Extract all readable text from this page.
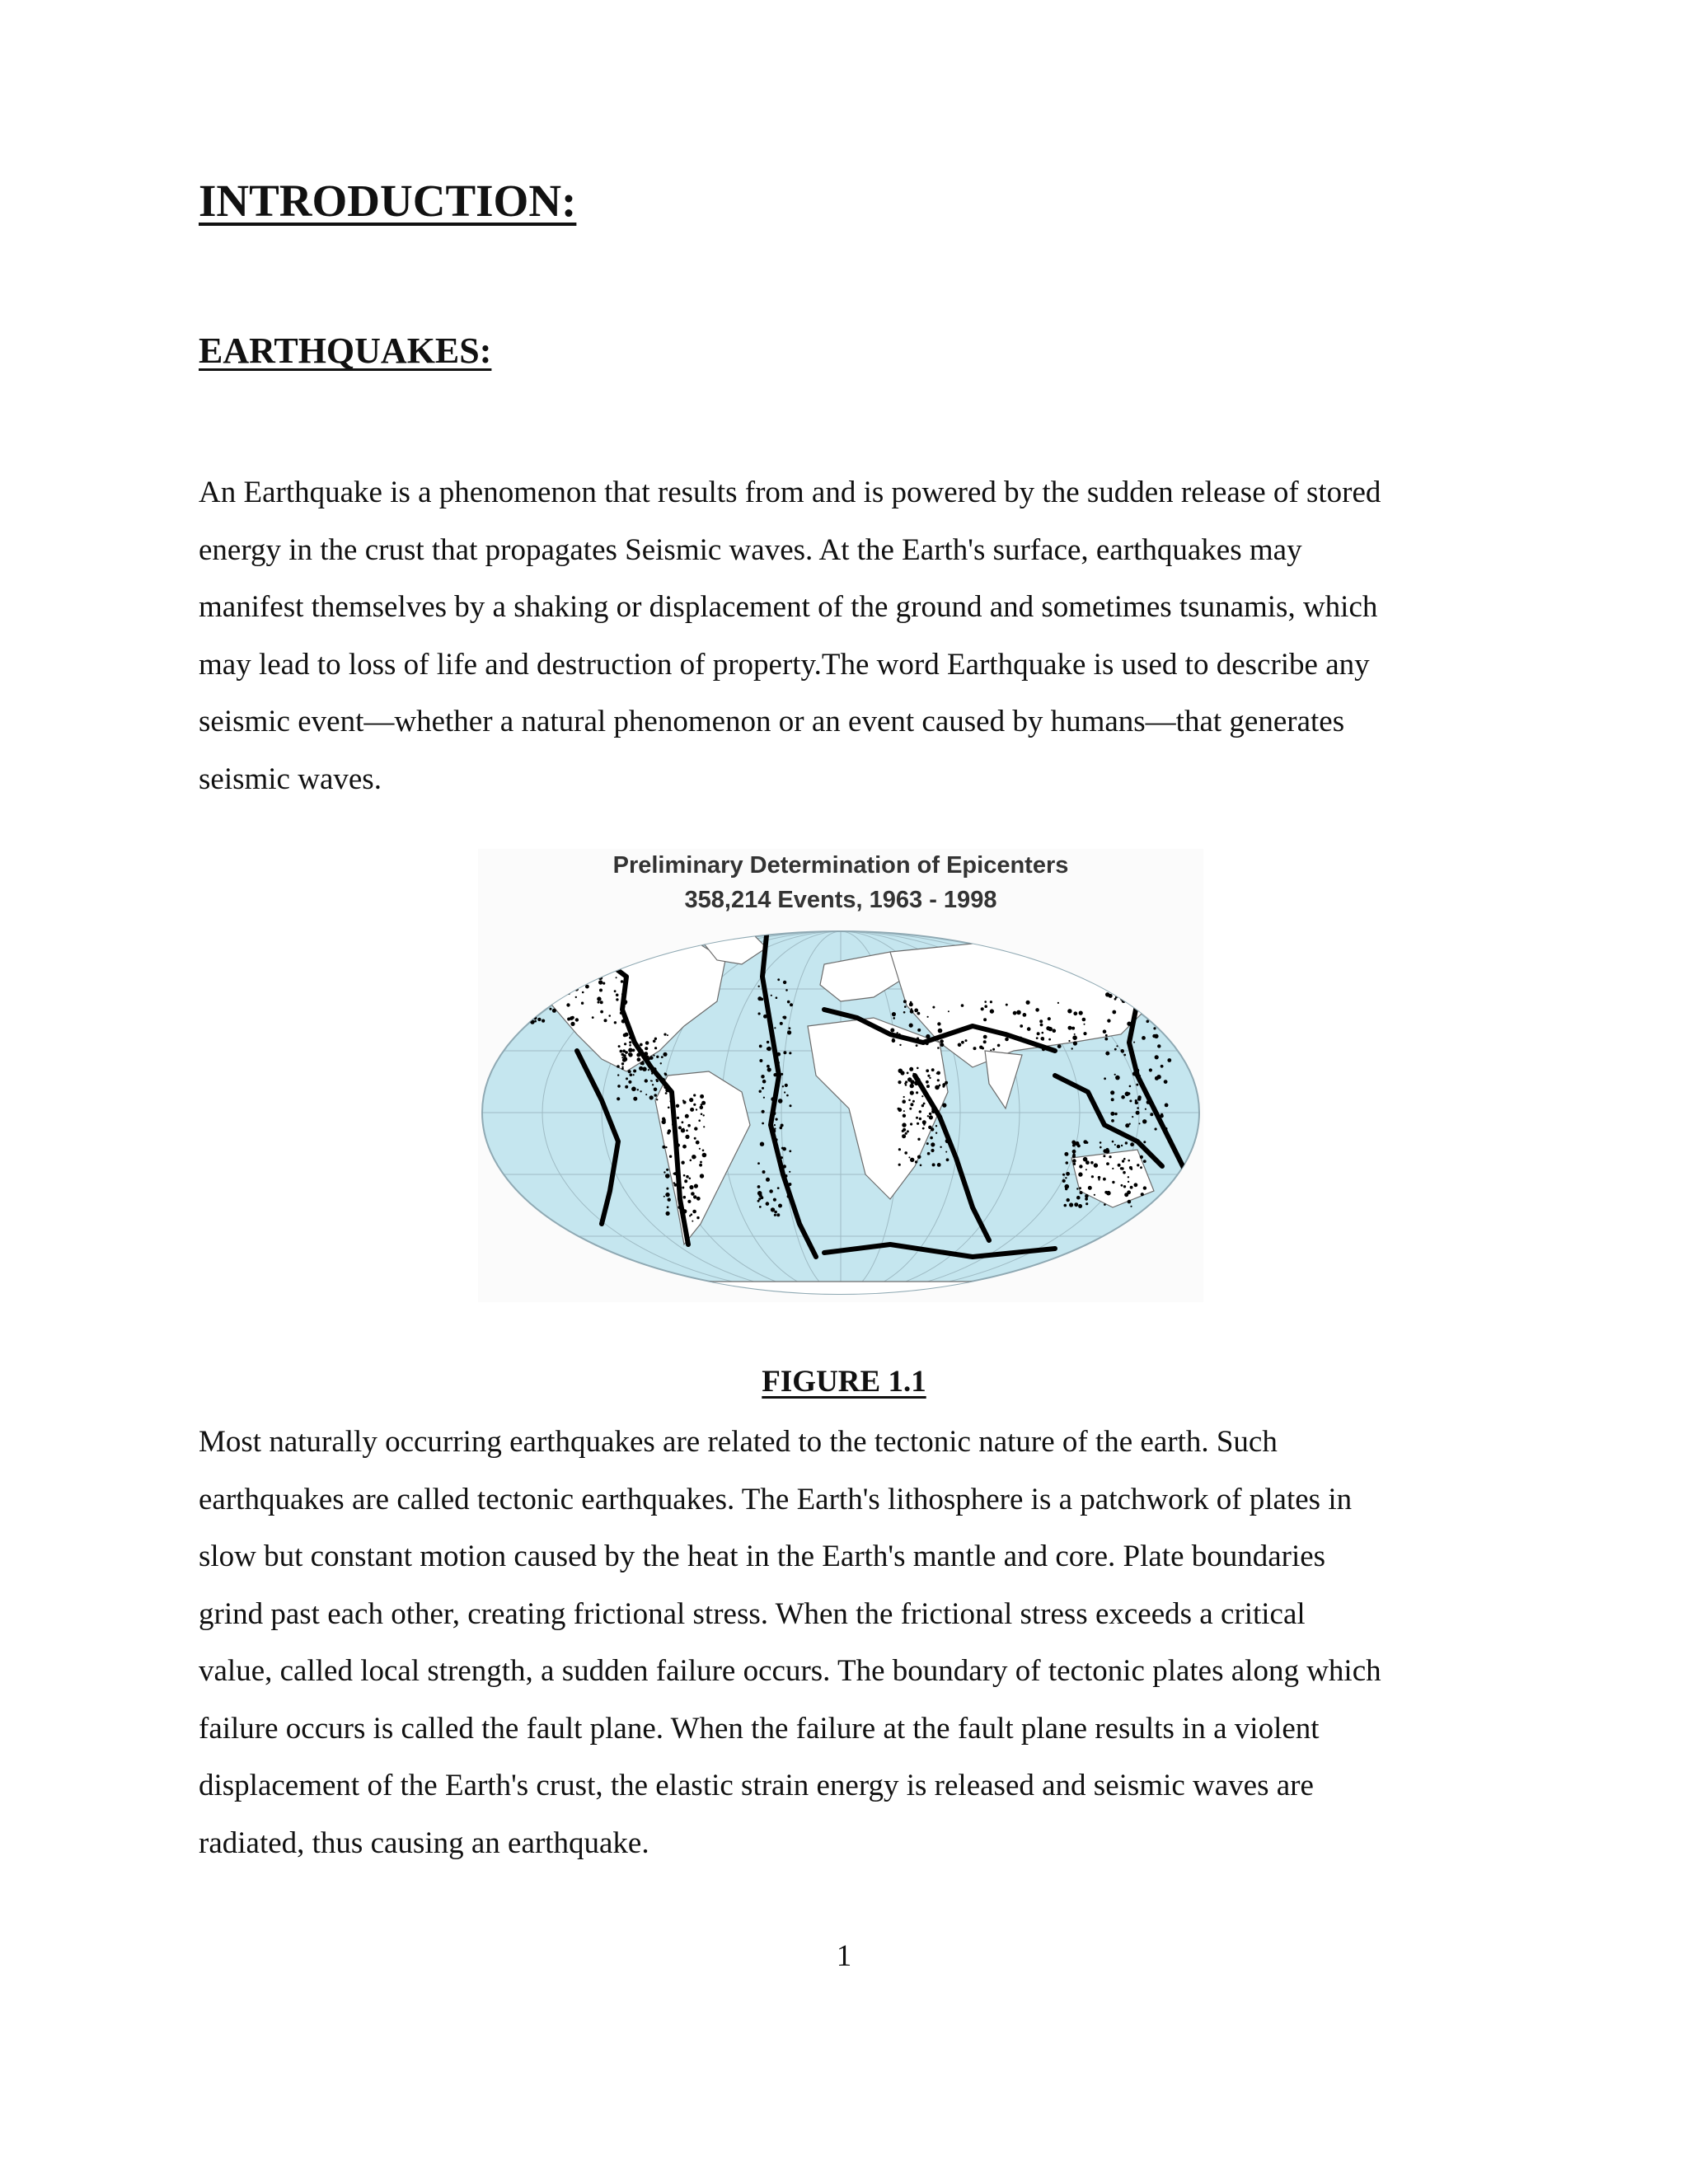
INTRODUCTION:
EARTHQUAKES:

An Earthquake is a phenomenon that results from and is powered by the sudden release of stored
energy in the crust that propagates Seismic waves. At the Earth's surface, earthquakes may
manifest themselves by a shaking or displacement of the ground and sometimes tsunamis, which
may lead to loss of life and destruction of property.The word Earthquake is used to describe any
seismic event—whether a natural phenomenon or an event caused by humans—that generates
seismic waves.

Preliminary Determination of Epicenters
358,214 Events, 1963 - 1998
FIGURE 1.1

Most naturally occurring earthquakes are related to the tectonic nature of the earth. Such
earthquakes are called tectonic earthquakes. The Earth's lithosphere is a patchwork of plates in
slow but constant motion caused by the heat in the Earth's mantle and core. Plate boundaries
grind past each other, creating frictional stress. When the frictional stress exceeds a critical
value, called local strength, a sudden failure occurs. The boundary of tectonic plates along which
failure occurs is called the fault plane. When the failure at the fault plane results in a violent
displacement of the Earth's crust, the elastic strain energy is released and seismic waves are
radiated, thus causing an earthquake.

1
